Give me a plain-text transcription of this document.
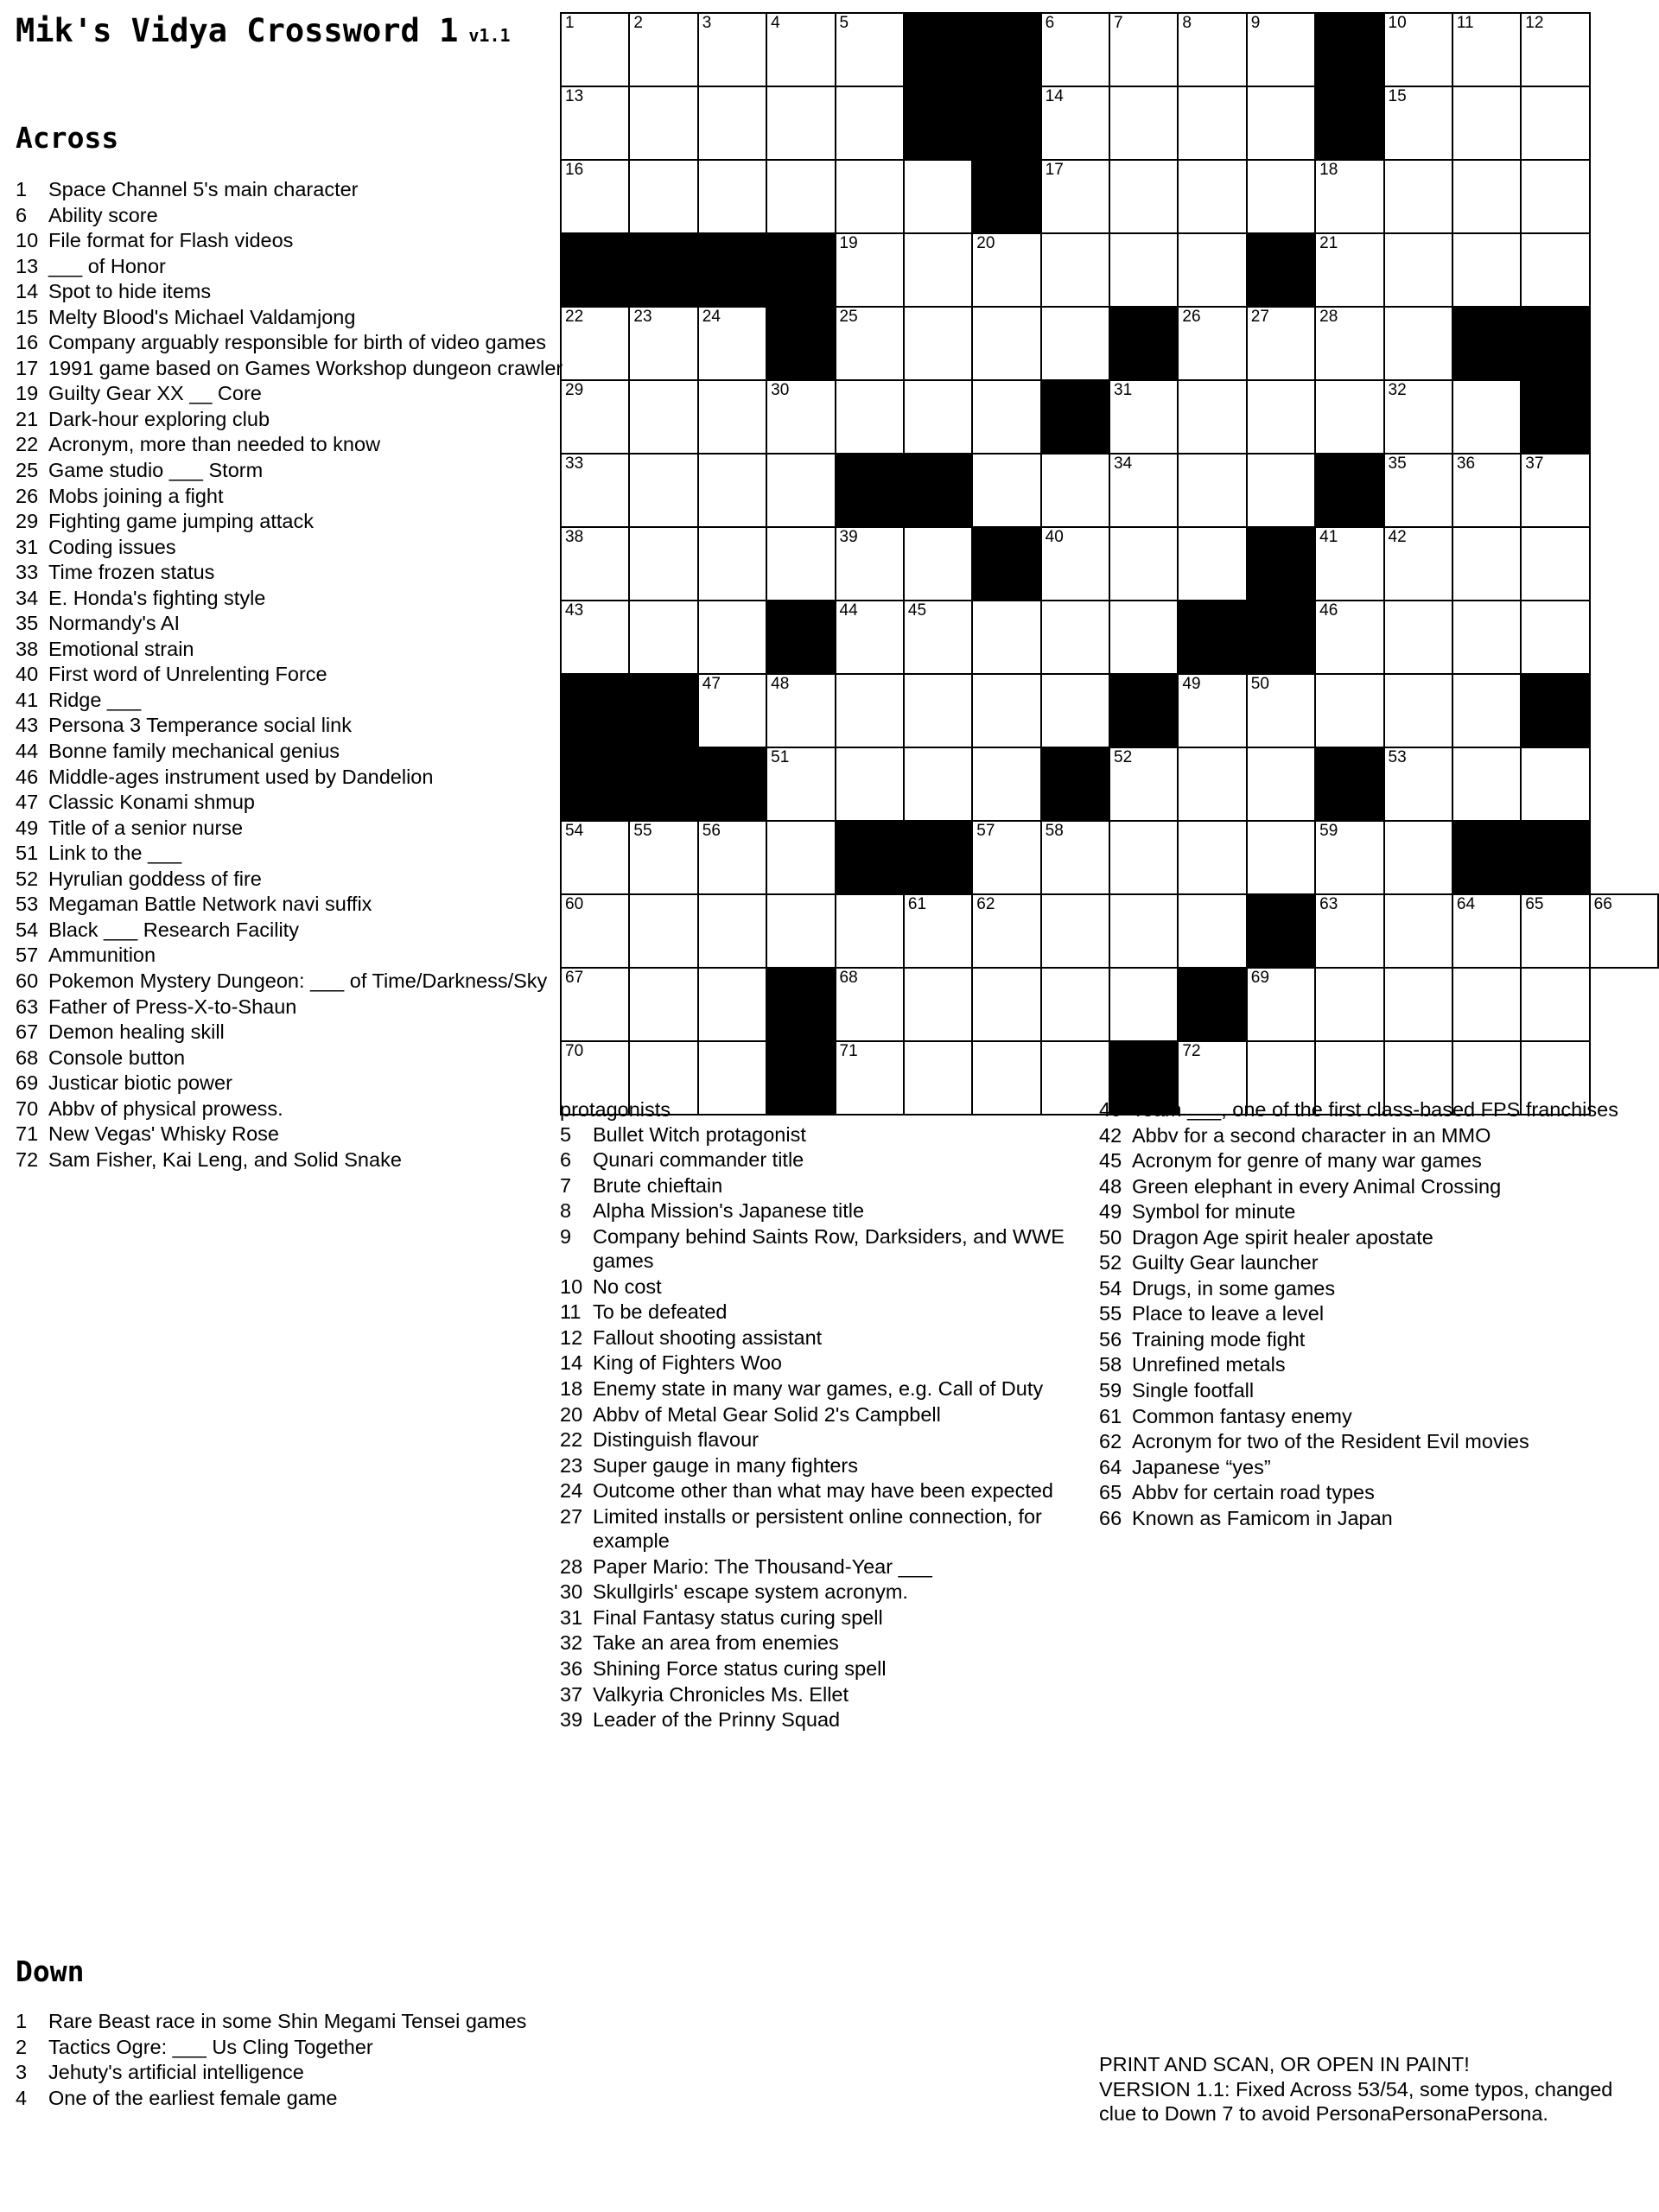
Mik's Vidya Crossword 1 v1.1
Across
Down
1	2	3	4	5			6	7	8	9		10	11	12	

13							14					15			

16							17				18				

				19		20					21				

22	23	24		25					26	27	28				

29			30					31				32			

33								34				35	36	37	

38				39			40				41	42			

43				44	45						46				

		47	48						49	50					

			51					52				53			

54	55	56				57	58				59				

60					61	62					63		64	65	66

67				68						69					

70				71					72						

1	Space Channel 5's main character
6	Ability score
10 File format for Flash videos
13 ___ of Honor
14 Spot to hide items
15 Melty Blood's Michael Valdamjong
16 Company arguably responsible for birth of video games
17 1991 game based on Games Workshop dungeon crawler
19 Guilty Gear XX __ Core
21 Dark-hour exploring club
22 Acronym, more than needed to know
25 Game studio ___ Storm
26 Mobs joining a fight
29 Fighting game jumping attack
31 Coding issues
33 Time frozen status
34 E. Honda's fighting style
35 Normandy's AI
38 Emotional strain
40 First word of Unrelenting Force
41 Ridge ___
43 Persona 3 Temperance social link
44 Bonne family mechanical genius
46 Middle-ages instrument used by Dandelion
47 Classic Konami shmup
49 Title of a senior nurse
51 Link to the ___
52 Hyrulian goddess of fire
53 Megaman Battle Network navi suffix
54 Black ___ Research Facility
57 Ammunition
60 Pokemon Mystery Dungeon: ___ of Time/Darkness/Sky
63 Father of Press-X-to-Shaun
67 Demon healing skill
68 Console button
69 Justicar biotic power
70 Abbv of physical prowess.
71 New Vegas' Whisky Rose
72 Sam Fisher, Kai Leng, and Solid Snake
1	Rare Beast race in some Shin Megami Tensei games
2	Tactics Ogre: ___ Us Cling Together
3	Jehuty's artificial intelligence
4	One of the earliest female game
protagonists
5	Bullet Witch protagonist
6	Qunari commander title
7	Brute chieftain
8	Alpha Mission's Japanese title
9	Company behind Saints Row, Darksiders, and WWE games
10 No cost
11 To be defeated
12 Fallout shooting assistant
14 King of Fighters Woo
18 Enemy state in many war games, e.g. Call of Duty
20 Abbv of Metal Gear Solid 2's Campbell
22 Distinguish flavour
23 Super gauge in many fighters
24 Outcome other than what may have been expected
27 Limited installs or persistent online connection, for example
28 Paper Mario: The Thousand-Year ___
30 Skullgirls' escape system acronym.
31 Final Fantasy status curing spell
32 Take an area from enemies
36 Shining Force status curing spell
37 Valkyria Chronicles Ms. Ellet
39 Leader of the Prinny Squad
40 Team ___, one of the first class-based FPS franchises
42 Abbv for a second character in an MMO
45 Acronym for genre of many war games
48 Green elephant in every Animal Crossing
49 Symbol for minute
50 Dragon Age spirit healer apostate
52 Guilty Gear launcher
54 Drugs, in some games
55 Place to leave a level
56 Training mode fight
58 Unrefined metals
59 Single footfall
61 Common fantasy enemy
62 Acronym for two of the Resident Evil movies
64 Japanese “yes”
65 Abbv for certain road types
66 Known as Famicom in Japan
PRINT AND SCAN, OR OPEN IN PAINT!
VERSION 1.1: Fixed Across 53/54, some typos, changed clue to Down 7 to avoid PersonaPersonaPersona.
